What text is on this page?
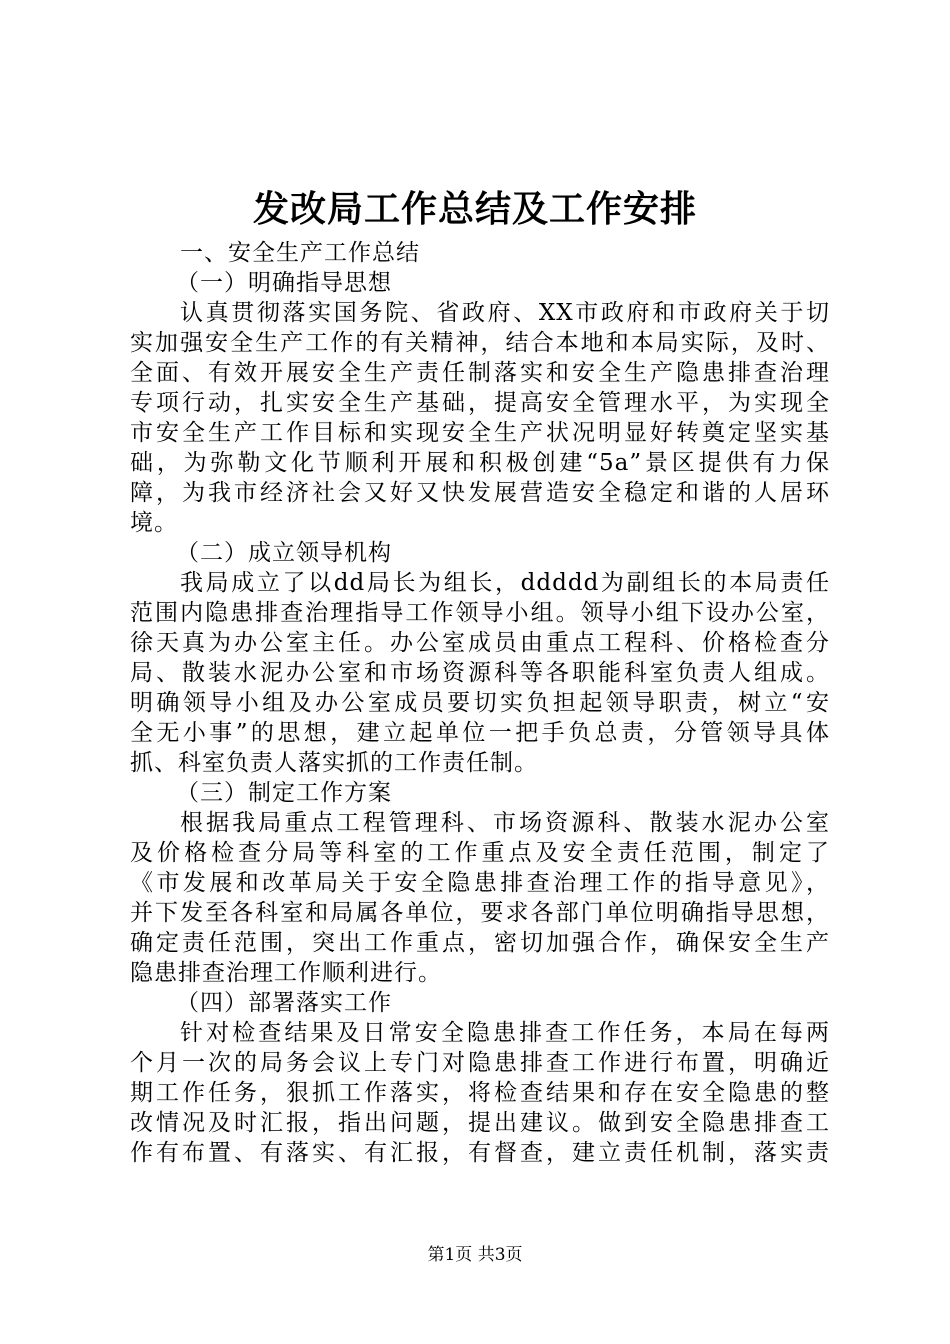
发改局工作总结及工作安排
一、安全生产工作总结
（一）明确指导思想
认真贯彻落实国务院、省政府、XX市政府和市政府关于切
实加强安全生产工作的有关精神，结合本地和本局实际，及时、
全面、有效开展安全生产责任制落实和安全生产隐患排查治理
专项行动，扎实安全生产基础，提高安全管理水平，为实现全
市安全生产工作目标和实现安全生产状况明显好转奠定坚实基
础，为弥勒文化节顺利开展和积极创建“5a”景区提供有力保
障，为我市经济社会又好又快发展营造安全稳定和谐的人居环
境。
（二）成立领导机构
我局成立了以dd局长为组长，ddddd为副组长的本局责任
范围内隐患排查治理指导工作领导小组。领导小组下设办公室，
徐天真为办公室主任。办公室成员由重点工程科、价格检查分
局、散装水泥办公室和市场资源科等各职能科室负责人组成。
明确领导小组及办公室成员要切实负担起领导职责，树立“安
全无小事”的思想，建立起单位一把手负总责，分管领导具体
抓、科室负责人落实抓的工作责任制。
（三）制定工作方案
根据我局重点工程管理科、市场资源科、散装水泥办公室
及价格检查分局等科室的工作重点及安全责任范围，制定了
《市发展和改革局关于安全隐患排查治理工作的指导意见》，
并下发至各科室和局属各单位，要求各部门单位明确指导思想，
确定责任范围，突出工作重点，密切加强合作，确保安全生产
隐患排查治理工作顺利进行。
（四）部署落实工作
针对检查结果及日常安全隐患排查工作任务，本局在每两
个月一次的局务会议上专门对隐患排查工作进行布置，明确近
期工作任务，狠抓工作落实，将检查结果和存在安全隐患的整
改情况及时汇报，指出问题，提出建议。做到安全隐患排查工
作有布置、有落实、有汇报，有督查，建立责任机制，落实责
第1页 共3页
